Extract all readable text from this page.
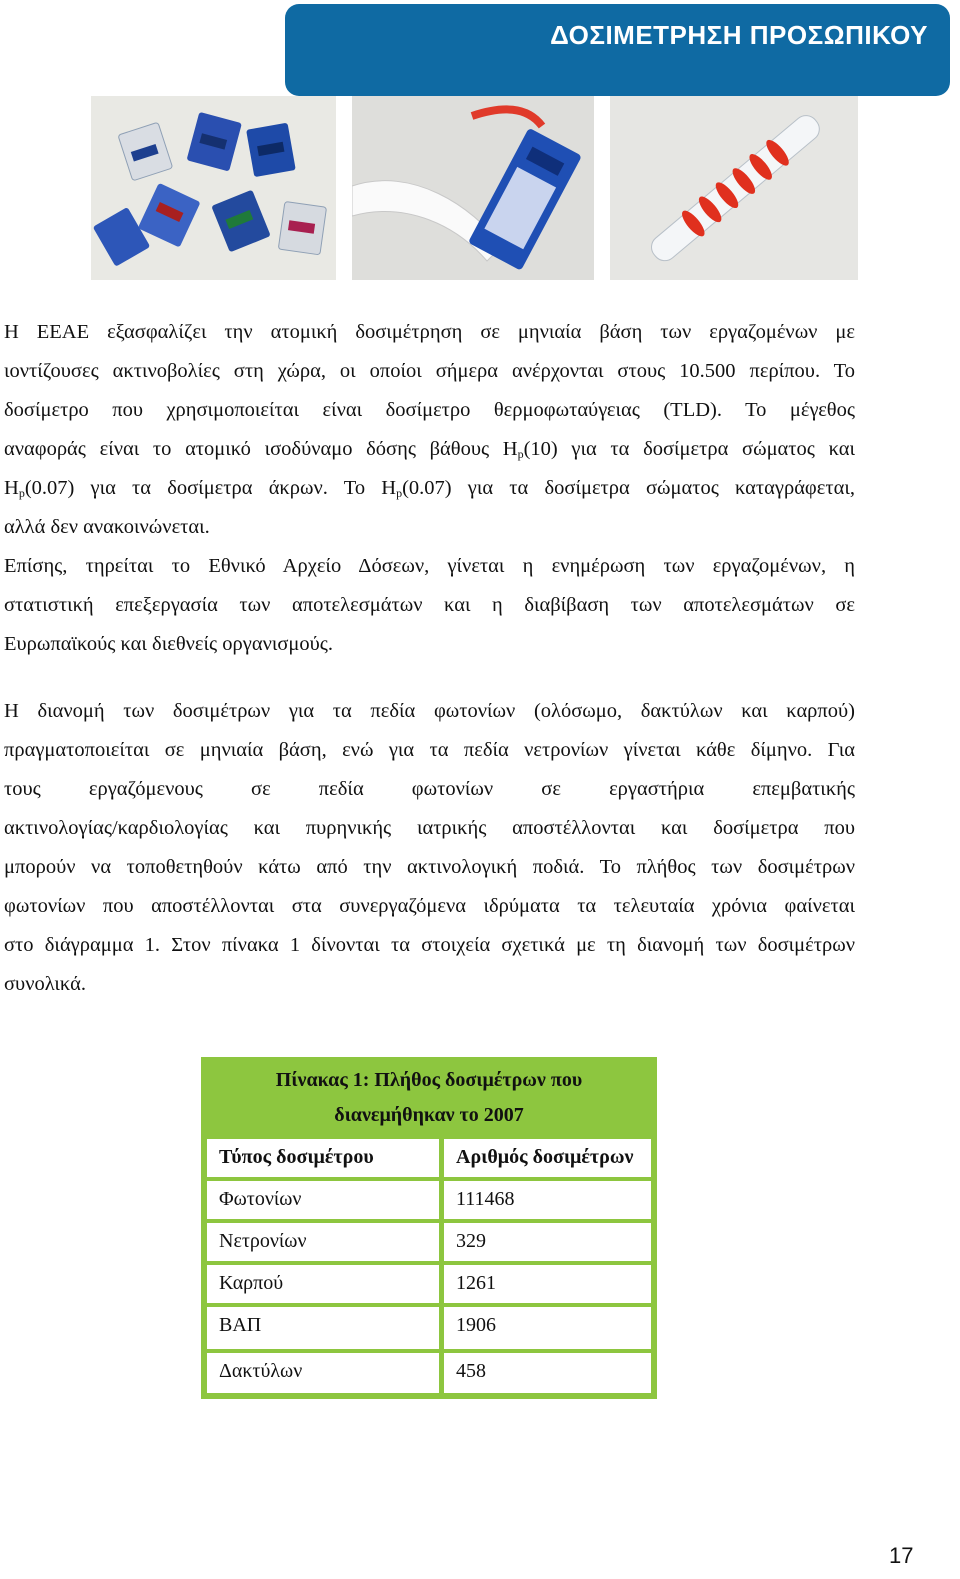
ΔΟΣΙΜΕΤΡΗΣΗ ΠΡΟΣΩΠΙΚΟΥ
Η ΕΕΑΕ εξασφαλίζει την ατομική δοσιμέτρηση σε μηνιαία βάση των εργαζομένων με
ιοντίζουσες ακτινοβολίες στη χώρα, οι οποίοι σήμερα ανέρχονται στους 10.500 περίπου. Το
δοσίμετρο που χρησιμοποιείται είναι δοσίμετρο θερμοφωταύγειας (TLD). Το μέγεθος
αναφοράς είναι το ατομικό ισοδύναμο δόσης βάθους $H_p(10)$ για τα δοσίμετρα σώματος και
$H_p(0.07)$ για τα δοσίμετρα άκρων. Το $H_p(0.07)$ για τα δοσίμετρα σώματος καταγράφεται,
αλλά δεν ανακοινώνεται.
Επίσης, τηρείται το Εθνικό Αρχείο Δόσεων, γίνεται η ενημέρωση των εργαζομένων, η
στατιστική επεξεργασία των αποτελεσμάτων και η διαβίβαση των αποτελεσμάτων σε
Ευρωπαϊκούς και διεθνείς οργανισμούς.
Η διανομή των δοσιμέτρων για τα πεδία φωτονίων (ολόσωμο, δακτύλων και καρπού)
πραγματοποιείται σε μηνιαία βάση, ενώ για τα πεδία νετρονίων γίνεται κάθε δίμηνο. Για
τους εργαζόμενους σε πεδία φωτονίων σε εργαστήρια επεμβατικής
ακτινολογίας/καρδιολογίας και πυρηνικής ιατρικής αποστέλλονται και δοσίμετρα που
μπορούν να τοποθετηθούν κάτω από την ακτινολογική ποδιά. Το πλήθος των δοσιμέτρων
φωτονίων που αποστέλλονται στα συνεργαζόμενα ιδρύματα τα τελευταία χρόνια φαίνεται
στο διάγραμμα 1. Στον πίνακα 1 δίνονται τα στοιχεία σχετικά με τη διανομή των δοσιμέτρων
συνολικά.
Πίνακας 1: Πλήθος δοσιμέτρων που
διανεμήθηκαν το 2007
Τύπος δοσιμέτρου	Αριθμός δοσιμέτρων
Φωτονίων	111468
Νετρονίων	329
Καρπού	1261
ΒΑΠ	1906
Δακτύλων	458
17
